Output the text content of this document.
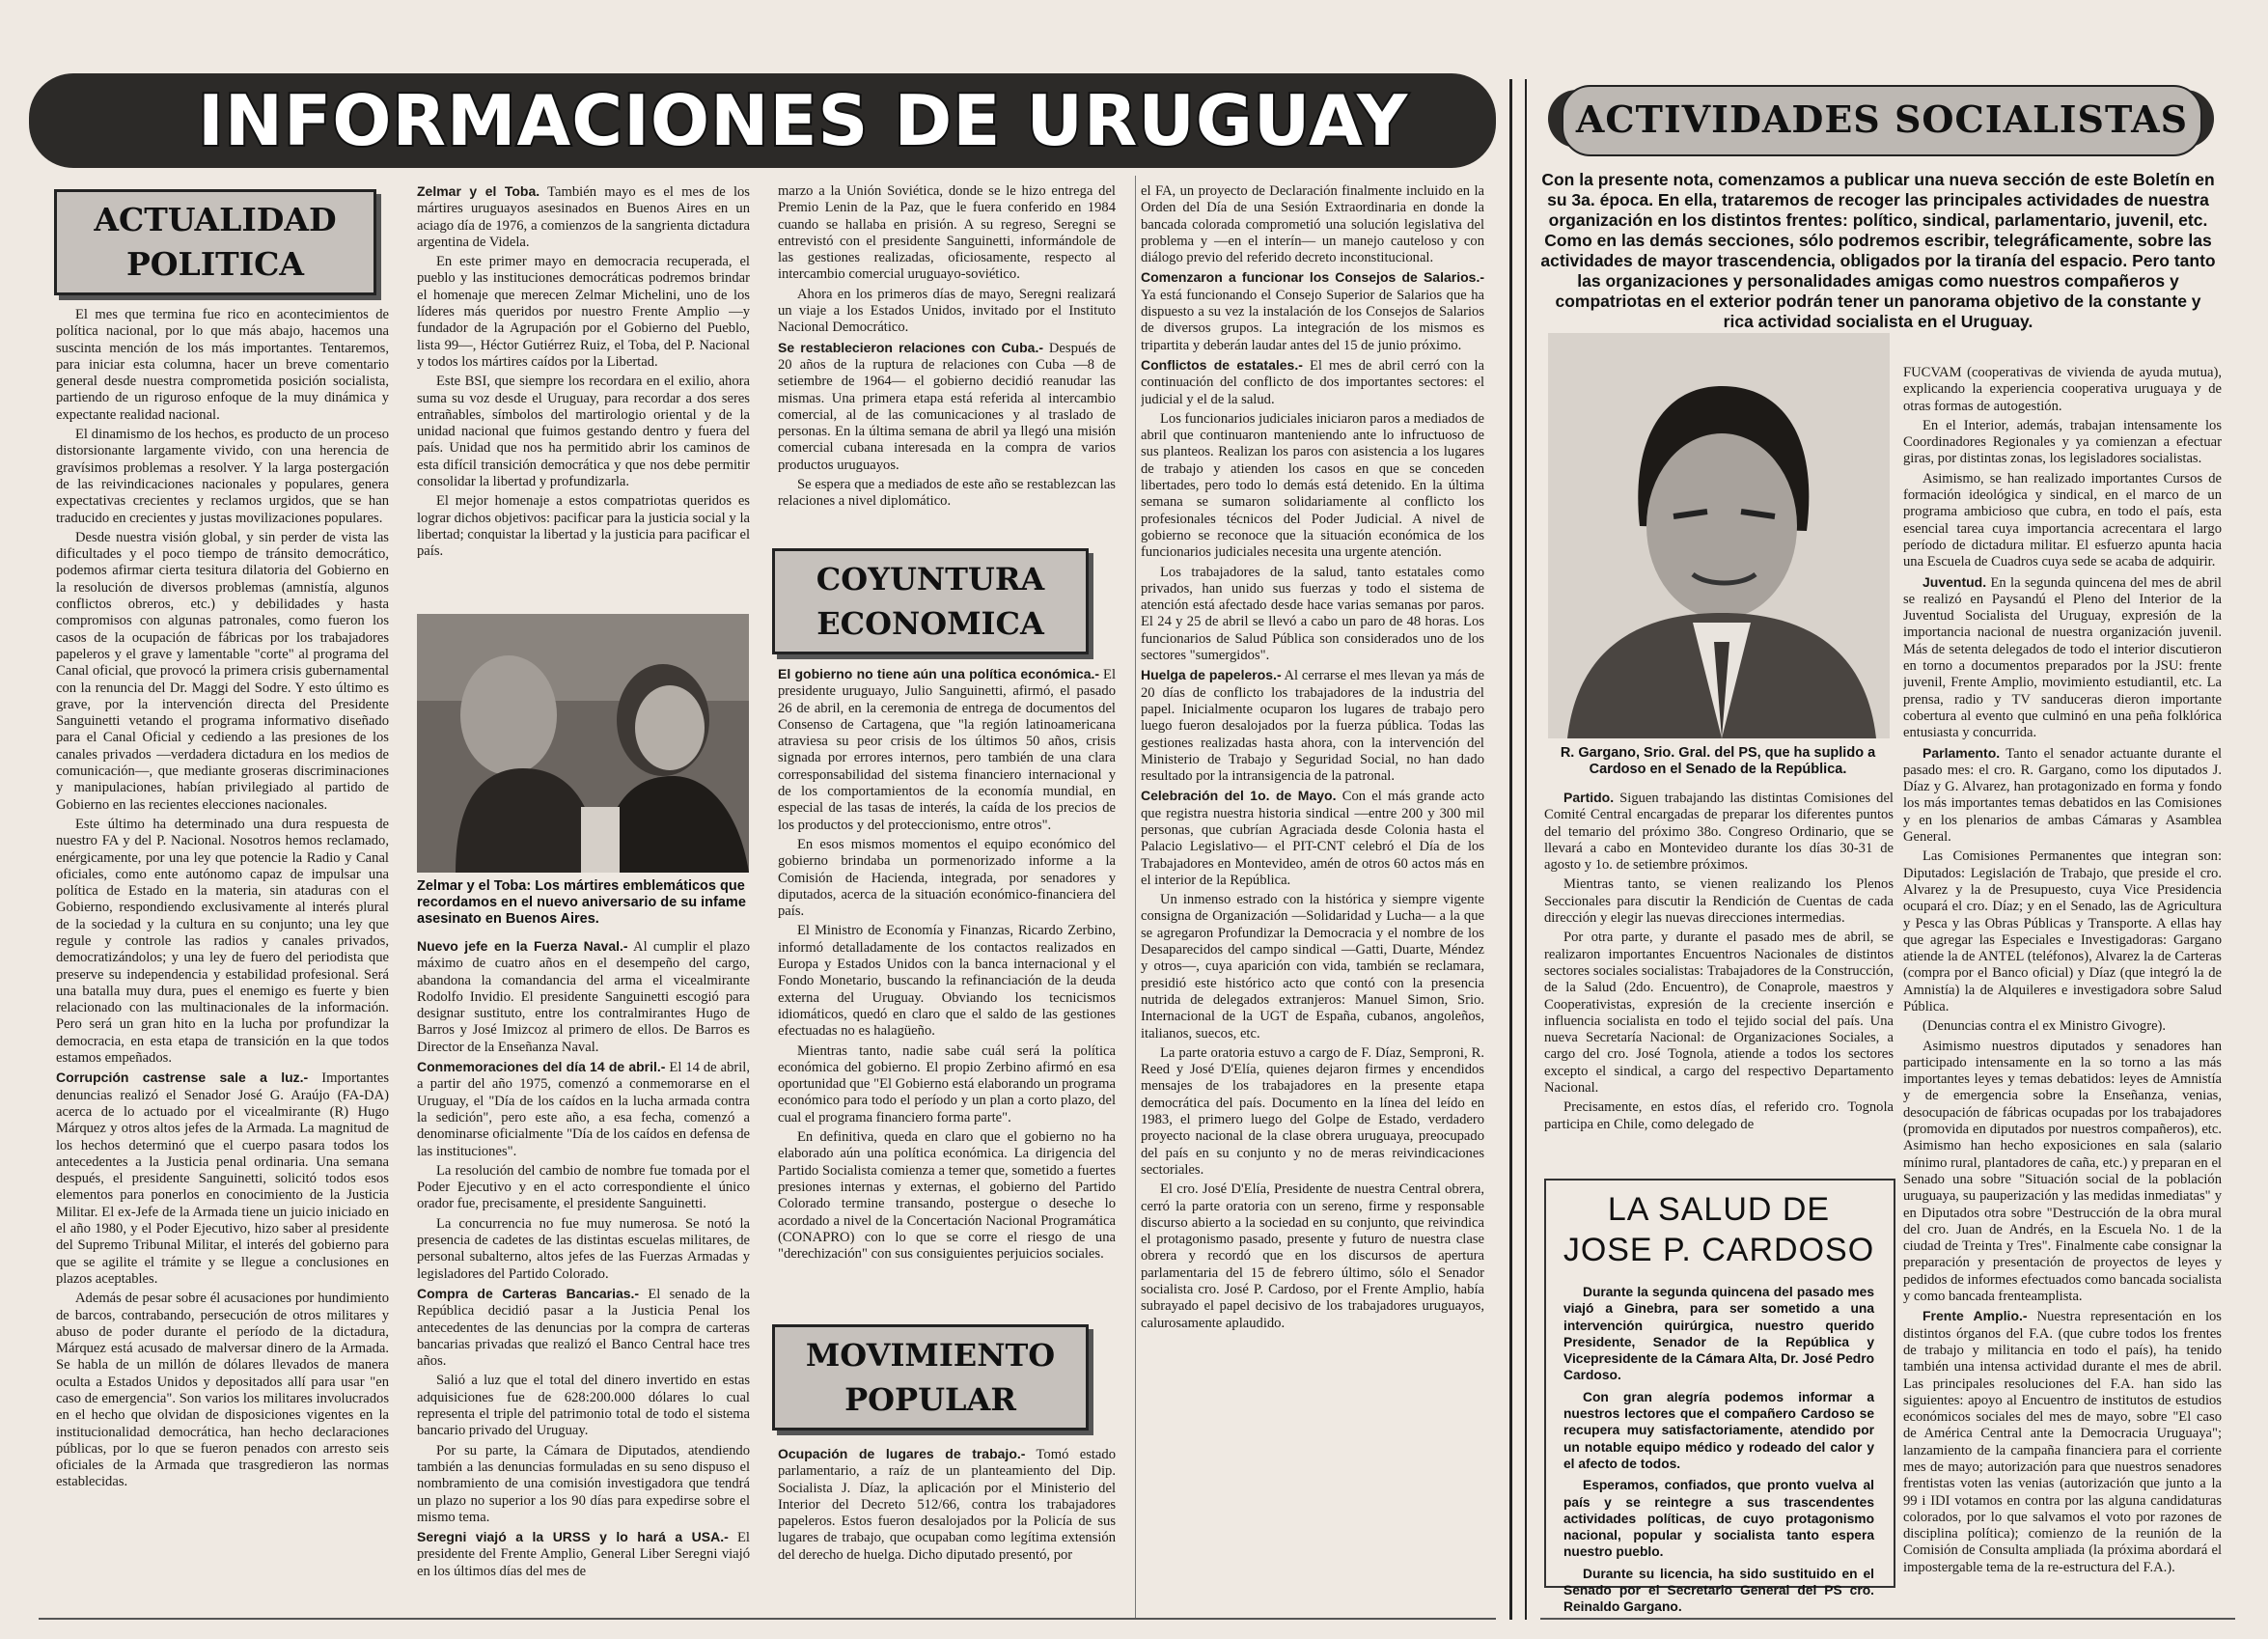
INFORMACIONES DE URUGUAY	ACTIVIDADES SOCIALISTAS
ACTUALIDAD
POLITICA
COYUNTURA
ECONOMICA
MOVIMIENTO
POPULAR

El mes que termina fue rico en acontecimientos de política nacional, por lo que más abajo, hacemos una suscinta mención de los más importantes. Tentaremos, para iniciar esta columna, hacer un breve comentario general desde nuestra comprometida posición socialista, partiendo de un riguroso enfoque de la muy dinámica y expectante realidad nacional.

El dinamismo de los hechos, es producto de un proceso distorsionante largamente vivido, con una herencia de gravísimos problemas a resolver. Y la larga postergación de las reivindicaciones nacionales y populares, genera expectativas crecientes y reclamos urgidos, que se han traducido en crecientes y justas movilizaciones populares.

Desde nuestra visión global, y sin perder de vista las dificultades y el poco tiempo de tránsito democrático, podemos afirmar cierta tesitura dilatoria del Gobierno en la resolución de diversos problemas (amnistía, algunos conflictos obreros, etc.) y debilidades y hasta compromisos con algunas patronales, como fueron los casos de la ocupación de fábricas por los trabajadores papeleros y el grave y lamentable "corte" al programa del Canal oficial, que provocó la primera crisis gubernamental con la renuncia del Dr. Maggi del Sodre. Y esto último es grave, por la intervención directa del Presidente Sanguinetti vetando el programa informativo diseñado para el Canal Oficial y cediendo a las presiones de los canales privados —verdadera dictadura en los medios de comunicación—, que mediante groseras discriminaciones y manipulaciones, habían privilegiado al partido de Gobierno en las recientes elecciones nacionales.

Este último ha determinado una dura respuesta de nuestro FA y del P. Nacional. Nosotros hemos reclamado, enérgicamente, por una ley que potencie la Radio y Canal oficiales, como ente autónomo capaz de impulsar una política de Estado en la materia, sin ataduras con el Gobierno, respondiendo exclusivamente al interés plural de la sociedad y la cultura en su conjunto; una ley que regule y controle las radios y canales privados, democratizándolos; y una ley de fuero del periodista que preserve su independencia y estabilidad profesional. Será una batalla muy dura, pues el enemigo es fuerte y bien relacionado con las multinacionales de la información. Pero será un gran hito en la lucha por profundizar la democracia, en esta etapa de transición en la que todos estamos empeñados.

Corrupción castrense sale a luz.- Importantes denuncias realizó el Senador José G. Araújo (FA-DA) acerca de lo actuado por el vicealmirante (R) Hugo Márquez y otros altos jefes de la Armada. La magnitud de los hechos determinó que el cuerpo pasara todos los antecedentes a la Justicia penal ordinaria. Una semana después, el presidente Sanguinetti, solicitó todos esos elementos para ponerlos en conocimiento de la Justicia Militar. El ex-Jefe de la Armada tiene un juicio iniciado en el año 1980, y el Poder Ejecutivo, hizo saber al presidente del Supremo Tribunal Militar, el interés del gobierno para que se agilite el trámite y se llegue a conclusiones en plazos aceptables.

Además de pesar sobre él acusaciones por hundimiento de barcos, contrabando, persecución de otros militares y abuso de poder durante el período de la dictadura, Márquez está acusado de malversar dinero de la Armada. Se habla de un millón de dólares llevados de manera oculta a Estados Unidos y depositados allí para usar "en caso de emergencia". Son varios los militares involucrados en el hecho que olvidan de disposiciones vigentes en la institucionalidad democrática, han hecho declaraciones públicas, por lo que se fueron penados con arresto seis oficiales de la Armada que trasgredieron las normas establecidas.

Zelmar y el Toba. También mayo es el mes de los mártires uruguayos asesinados en Buenos Aires en un aciago día de 1976, a comienzos de la sangrienta dictadura argentina de Videla.

En este primer mayo en democracia recuperada, el pueblo y las instituciones democráticas podremos brindar el homenaje que merecen Zelmar Michelini, uno de los líderes más queridos por nuestro Frente Amplio —y fundador de la Agrupación por el Gobierno del Pueblo, lista 99—, Héctor Gutiérrez Ruiz, el Toba, del P. Nacional y todos los mártires caídos por la Libertad.

Este BSI, que siempre los recordara en el exilio, ahora suma su voz desde el Uruguay, para recordar a dos seres entrañables, símbolos del martirologio oriental y de la unidad nacional que fuimos gestando dentro y fuera del país. Unidad que nos ha permitido abrir los caminos de esta difícil transición democrática y que nos debe permitir consolidar la libertad y profundizarla.

El mejor homenaje a estos compatriotas queridos es lograr dichos objetivos: pacificar para la justicia social y la libertad; conquistar la libertad y la justicia para pacificar el país.

Zelmar y el Toba: Los mártires emblemáticos que recordamos en el nuevo aniversario de su infame asesinato en Buenos Aires.

Nuevo jefe en la Fuerza Naval.- Al cumplir el plazo máximo de cuatro años en el desempeño del cargo, abandona la comandancia del arma el vicealmirante Rodolfo Invidio. El presidente Sanguinetti escogió para designar sustituto, entre los contralmirantes Hugo de Barros y José Imizcoz al primero de ellos. De Barros es Director de la Enseñanza Naval.

Conmemoraciones del día 14 de abril.- El 14 de abril, a partir del año 1975, comenzó a conmemorarse en el Uruguay, el "Día de los caídos en la lucha armada contra la sedición", pero este año, a esa fecha, comenzó a denominarse oficialmente "Día de los caídos en defensa de las instituciones".

La resolución del cambio de nombre fue tomada por el Poder Ejecutivo y en el acto correspondiente el único orador fue, precisamente, el presidente Sanguinetti.

La concurrencia no fue muy numerosa. Se notó la presencia de cadetes de las distintas escuelas militares, de personal subalterno, altos jefes de las Fuerzas Armadas y legisladores del Partido Colorado.

Compra de Carteras Bancarias.- El senado de la República decidió pasar a la Justicia Penal los antecedentes de las denuncias por la compra de carteras bancarias privadas que realizó el Banco Central hace tres años.

Salió a luz que el total del dinero invertido en estas adquisiciones fue de 628:200.000 dólares lo cual representa el triple del patrimonio total de todo el sistema bancario privado del Uruguay.

Por su parte, la Cámara de Diputados, atendiendo también a las denuncias formuladas en su seno dispuso el nombramiento de una comisión investigadora que tendrá un plazo no superior a los 90 días para expedirse sobre el mismo tema.

Seregni viajó a la URSS y lo hará a USA.- El presidente del Frente Amplio, General Liber Seregni viajó en los últimos días del mes de

marzo a la Unión Soviética, donde se le hizo entrega del Premio Lenin de la Paz, que le fuera conferido en 1984 cuando se hallaba en prisión. A su regreso, Seregni se entrevistó con el presidente Sanguinetti, informándole de las gestiones realizadas, oficiosamente, respecto al intercambio comercial uruguayo-soviético.

Ahora en los primeros días de mayo, Seregni realizará un viaje a los Estados Unidos, invitado por el Instituto Nacional Democrático.

Se restablecieron relaciones con Cuba.- Después de 20 años de la ruptura de relaciones con Cuba —8 de setiembre de 1964— el gobierno decidió reanudar las mismas. Una primera etapa está referida al intercambio comercial, al de las comunicaciones y al traslado de personas. En la última semana de abril ya llegó una misión comercial cubana interesada en la compra de varios productos uruguayos.

Se espera que a mediados de este año se restablezcan las relaciones a nivel diplomático.

El gobierno no tiene aún una política económica.- El presidente uruguayo, Julio Sanguinetti, afirmó, el pasado 26 de abril, en la ceremonia de entrega de documentos del Consenso de Cartagena, que "la región latinoamericana atraviesa su peor crisis de los últimos 50 años, crisis signada por errores internos, pero también de una clara corresponsabilidad del sistema financiero internacional y de los comportamientos de la economía mundial, en especial de las tasas de interés, la caída de los precios de los productos y del proteccionismo, entre otros".

En esos mismos momentos el equipo económico del gobierno brindaba un pormenorizado informe a la Comisión de Hacienda, integrada, por senadores y diputados, acerca de la situación económico-financiera del país.

El Ministro de Economía y Finanzas, Ricardo Zerbino, informó detalladamente de los contactos realizados en Europa y Estados Unidos con la banca internacional y el Fondo Monetario, buscando la refinanciación de la deuda externa del Uruguay. Obviando los tecnicismos idiomáticos, quedó en claro que el saldo de las gestiones efectuadas no es halagüeño.

Mientras tanto, nadie sabe cuál será la política económica del gobierno. El propio Zerbino afirmó en esa oportunidad que "El Gobierno está elaborando un programa económico para todo el período y un plan a corto plazo, del cual el programa financiero forma parte".

En definitiva, queda en claro que el gobierno no ha elaborado aún una política económica. La dirigencia del Partido Socialista comienza a temer que, sometido a fuertes presiones internas y externas, el gobierno del Partido Colorado termine transando, postergue o deseche lo acordado a nivel de la Concertación Nacional Programática (CONAPRO) con lo que se corre el riesgo de una "derechización" con sus consiguientes perjuicios sociales.

Ocupación de lugares de trabajo.- Tomó estado parlamentario, a raíz de un planteamiento del Dip. Socialista J. Díaz, la aplicación por el Ministerio del Interior del Decreto 512/66, contra los trabajadores papeleros. Estos fueron desalojados por la Policía de sus lugares de trabajo, que ocupaban como legítima extensión del derecho de huelga. Dicho diputado presentó, por

el FA, un proyecto de Declaración finalmente incluido en la Orden del Día de una Sesión Extraordinaria en donde la bancada colorada comprometió una solución legislativa del problema y —en el interín— un manejo cauteloso y con diálogo previo del referido decreto inconstitucional.

Comenzaron a funcionar los Consejos de Salarios.- Ya está funcionando el Consejo Superior de Salarios que ha dispuesto a su vez la instalación de los Consejos de Salarios de diversos grupos. La integración de los mismos es tripartita y deberán laudar antes del 15 de junio próximo.

Conflictos de estatales.- El mes de abril cerró con la continuación del conflicto de dos importantes sectores: el judicial y el de la salud.

Los funcionarios judiciales iniciaron paros a mediados de abril que continuaron manteniendo ante lo infructuoso de sus planteos. Realizan los paros con asistencia a los lugares de trabajo y atienden los casos en que se conceden libertades, pero todo lo demás está detenido. En la última semana se sumaron solidariamente al conflicto los profesionales técnicos del Poder Judicial. A nivel de gobierno se reconoce que la situación económica de los funcionarios judiciales necesita una urgente atención.

Los trabajadores de la salud, tanto estatales como privados, han unido sus fuerzas y todo el sistema de atención está afectado desde hace varias semanas por paros. El 24 y 25 de abril se llevó a cabo un paro de 48 horas. Los funcionarios de Salud Pública son considerados uno de los sectores "sumergidos".

Huelga de papeleros.- Al cerrarse el mes llevan ya más de 20 días de conflicto los trabajadores de la industria del papel. Inicialmente ocuparon los lugares de trabajo pero luego fueron desalojados por la fuerza pública. Todas las gestiones realizadas hasta ahora, con la intervención del Ministerio de Trabajo y Seguridad Social, no han dado resultado por la intransigencia de la patronal.

Celebración del 1o. de Mayo. Con el más grande acto que registra nuestra historia sindical —entre 200 y 300 mil personas, que cubrían Agraciada desde Colonia hasta el Palacio Legislativo— el PIT-CNT celebró el Día de los Trabajadores en Montevideo, amén de otros 60 actos más en el interior de la República.

Un inmenso estrado con la histórica y siempre vigente consigna de Organización —Solidaridad y Lucha— a la que se agregaron Profundizar la Democracia y el nombre de los Desaparecidos del campo sindical —Gatti, Duarte, Méndez y otros—, cuya aparición con vida, también se reclamara, presidió este histórico acto que contó con la presencia nutrida de delegados extranjeros: Manuel Simon, Srio. Internacional de la UGT de España, cubanos, angoleños, italianos, suecos, etc.

La parte oratoria estuvo a cargo de F. Díaz, Semproni, R. Reed y José D'Elía, quienes dejaron firmes y encendidos mensajes de los trabajadores en la presente etapa democrática del país. Documento en la línea del leído en 1983, el primero luego del Golpe de Estado, verdadero proyecto nacional de la clase obrera uruguaya, preocupado del país en su conjunto y no de meras reivindicaciones sectoriales.

El cro. José D'Elía, Presidente de nuestra Central obrera, cerró la parte oratoria con un sereno, firme y responsable discurso abierto a la sociedad en su conjunto, que reivindica el protagonismo pasado, presente y futuro de nuestra clase obrera y recordó que en los discursos de apertura parlamentaria del 15 de febrero último, sólo el Senador socialista cro. José P. Cardoso, por el Frente Amplio, había subrayado el papel decisivo de los trabajadores uruguayos, calurosamente aplaudido.

Con la presente nota, comenzamos a publicar una nueva sección de este Boletín en su 3a. época. En ella, trataremos de recoger las principales actividades de nuestra organización en los distintos frentes: político, sindical, parlamentario, juvenil, etc. Como en las demás secciones, sólo podremos escribir, telegráficamente, sobre las actividades de mayor trascendencia, obligados por la tiranía del espacio. Pero tanto las organizaciones y personalidades amigas como nuestros compañeros y compatriotas en el exterior podrán tener un panorama objetivo de la constante y rica actividad socialista en el Uruguay.
R. Gargano, Srio. Gral. del PS, que ha suplido a Cardoso en el Senado de la República.

Partido. Siguen trabajando las distintas Comisiones del Comité Central encargadas de preparar los diferentes puntos del temario del próximo 38o. Congreso Ordinario, que se llevará a cabo en Montevideo durante los días 30-31 de agosto y 1o. de setiembre próximos.

Mientras tanto, se vienen realizando los Plenos Seccionales para discutir la Rendición de Cuentas de cada dirección y elegir las nuevas direcciones intermedias.

Por otra parte, y durante el pasado mes de abril, se realizaron importantes Encuentros Nacionales de distintos sectores sociales socialistas: Trabajadores de la Construcción, de la Salud (2do. Encuentro), de Conaprole, maestros y Cooperativistas, expresión de la creciente inserción e influencia socialista en todo el tejido social del país. Una nueva Secretaría Nacional: de Organizaciones Sociales, a cargo del cro. José Tognola, atiende a todos los sectores excepto el sindical, a cargo del respectivo Departamento Nacional.

Precisamente, en estos días, el referido cro. Tognola participa en Chile, como delegado de

LA SALUD DE
JOSE P. CARDOSO

Durante la segunda quincena del pasado mes viajó a Ginebra, para ser sometido a una intervención quirúrgica, nuestro querido Presidente, Senador de la República y Vicepresidente de la Cámara Alta, Dr. José Pedro Cardoso.

Con gran alegría podemos informar a nuestros lectores que el compañero Cardoso se recupera muy satisfactoriamente, atendido por un notable equipo médico y rodeado del calor y el afecto de todos.

Esperamos, confiados, que pronto vuelva al país y se reintegre a sus trascendentes actividades políticas, de cuyo protagonismo nacional, popular y socialista tanto espera nuestro pueblo.

Durante su licencia, ha sido sustituido en el Senado por el Secretario General del PS cro. Reinaldo Gargano.

FUCVAM (cooperativas de vivienda de ayuda mutua), explicando la experiencia cooperativa uruguaya y de otras formas de autogestión.

En el Interior, además, trabajan intensamente los Coordinadores Regionales y ya comienzan a efectuar giras, por distintas zonas, los legisladores socialistas.

Asimismo, se han realizado importantes Cursos de formación ideológica y sindical, en el marco de un programa ambicioso que cubra, en todo el país, esta esencial tarea cuya importancia acrecentara el largo período de dictadura militar. El esfuerzo apunta hacia una Escuela de Cuadros cuya sede se acaba de adquirir.

Juventud. En la segunda quincena del mes de abril se realizó en Paysandú el Pleno del Interior de la Juventud Socialista del Uruguay, expresión de la importancia nacional de nuestra organización juvenil. Más de setenta delegados de todo el interior discutieron en torno a documentos preparados por la JSU: frente juvenil, Frente Amplio, movimiento estudiantil, etc. La prensa, radio y TV sanduceras dieron importante cobertura al evento que culminó en una peña folklórica entusiasta y concurrida.

Parlamento. Tanto el senador actuante durante el pasado mes: el cro. R. Gargano, como los diputados J. Díaz y G. Alvarez, han protagonizado en forma y fondo los más importantes temas debatidos en las Comisiones y en los plenarios de ambas Cámaras y Asamblea General.

Las Comisiones Permanentes que integran son: Diputados: Legislación de Trabajo, que preside el cro. Alvarez y la de Presupuesto, cuya Vice Presidencia ocupará el cro. Díaz; y en el Senado, las de Agricultura y Pesca y las Obras Públicas y Transporte. A ellas hay que agregar las Especiales e Investigadoras: Gargano atiende la de ANTEL (teléfonos), Alvarez la de Carteras (compra por el Banco oficial) y Díaz (que integró la de Amnistía) la de Alquileres e investigadora sobre Salud Pública.

(Denuncias contra el ex Ministro Givogre).

Asimismo nuestros diputados y senadores han participado intensamente en la so torno a las más importantes leyes y temas debatidos: leyes de Amnistía y de emergencia sobre la Enseñanza, venias, desocupación de fábricas ocupadas por los trabajadores (promovida en diputados por nuestros compañeros), etc. Asimismo han hecho exposiciones en sala (salario mínimo rural, plantadores de caña, etc.) y preparan en el Senado una sobre "Situación social de la población uruguaya, su pauperización y las medidas inmediatas" y en Diputados otra sobre "Destrucción de la obra mural del cro. Juan de Andrés, en la Escuela No. 1 de la ciudad de Treinta y Tres". Finalmente cabe consignar la preparación y presentación de proyectos de leyes y pedidos de informes efectuados como bancada socialista y como bancada frenteamplista.

Frente Amplio.- Nuestra representación en los distintos órganos del F.A. (que cubre todos los frentes de trabajo y militancia en todo el país), ha tenido también una intensa actividad durante el mes de abril. Las principales resoluciones del F.A. han sido las siguientes: apoyo al Encuentro de institutos de estudios económicos sociales del mes de mayo, sobre "El caso de América Central ante la Democracia Uruguaya"; lanzamiento de la campaña financiera para el corriente mes de mayo; autorización para que nuestros senadores frentistas voten las venias (autorización que junto a la 99 i IDI votamos en contra por las alguna candidaturas colorados, por lo que salvamos el voto por razones de disciplina política); comienzo de la reunión de la Comisión de Consulta ampliada (la próxima abordará el impostergable tema de la re-estructura del F.A.).
